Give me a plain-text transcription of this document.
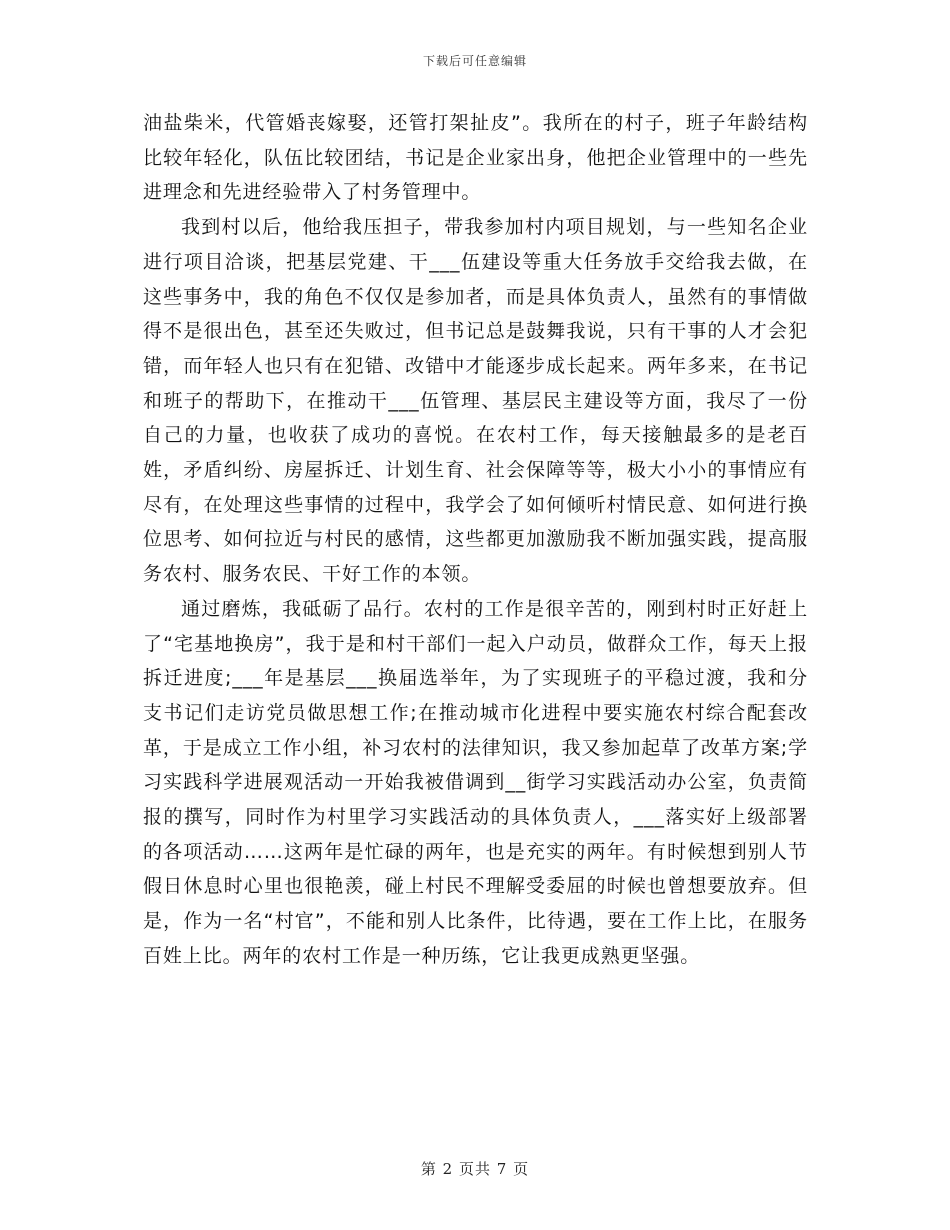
下载后可任意编辑

油盐柴米，代管婚丧嫁娶，还管打架扯皮”。我所在的村子，班子年龄结构比较年轻化，队伍比较团结，书记是企业家出身，他把企业管理中的一些先进理念和先进经验带入了村务管理中。

我到村以后，他给我压担子，带我参加村内项目规划，与一些知名企业进行项目洽谈，把基层党建、干___伍建设等重大任务放手交给我去做，在这些事务中，我的角色不仅仅是参加者，而是具体负责人，虽然有的事情做得不是很出色，甚至还失败过，但书记总是鼓舞我说，只有干事的人才会犯错，而年轻人也只有在犯错、改错中才能逐步成长起来。两年多来，在书记和班子的帮助下，在推动干___伍管理、基层民主建设等方面，我尽了一份自己的力量，也收获了成功的喜悦。在农村工作，每天接触最多的是老百姓，矛盾纠纷、房屋拆迁、计划生育、社会保障等等，极大小小的事情应有尽有，在处理这些事情的过程中，我学会了如何倾听村情民意、如何进行换位思考、如何拉近与村民的感情，这些都更加激励我不断加强实践，提高服务农村、服务农民、干好工作的本领。

通过磨炼，我砥砺了品行。农村的工作是很辛苦的，刚到村时正好赶上了“宅基地换房”，我于是和村干部们一起入户动员，做群众工作，每天上报拆迁进度;___年是基层___换届选举年，为了实现班子的平稳过渡，我和分支书记们走访党员做思想工作;在推动城市化进程中要实施农村综合配套改革，于是成立工作小组，补习农村的法律知识，我又参加起草了改革方案;学习实践科学进展观活动一开始我被借调到__街学习实践活动办公室，负责简报的撰写，同时作为村里学习实践活动的具体负责人，___落实好上级部署的各项活动……这两年是忙碌的两年，也是充实的两年。有时候想到别人节假日休息时心里也很艳羡，碰上村民不理解受委屈的时候也曾想要放弃。但是，作为一名“村官”，不能和别人比条件，比待遇，要在工作上比，在服务百姓上比。两年的农村工作是一种历练，它让我更成熟更坚强。

第 2 页共 7 页
